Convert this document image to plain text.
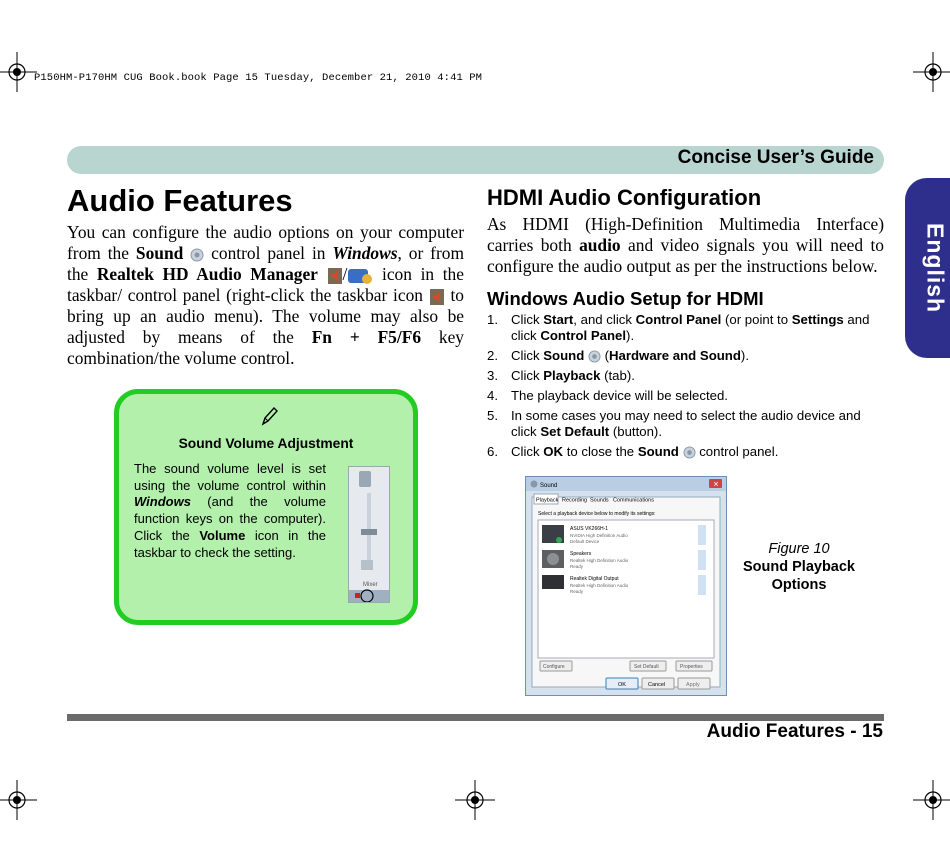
P150HM-P170HM CUG Book.book Page 15 Tuesday, December 21, 2010 4:41 PM
Concise User’s Guide
English
Audio Features
You can configure the audio options on your computer from the Sound  control panel in Windows, or from the Realtek HD Audio Manager / icon in the taskbar/ control panel (right-click the taskbar icon  to bring up an audio menu). The volume may also be adjusted by means of the Fn + F5/F6 key combination/the volume control.
Sound Volume Adjustment
The sound volume level is set using the volume control within Windows (and the volume function keys on the computer). Click the Volume icon in the taskbar to check the setting.
Mixer
HDMI Audio Configuration
As HDMI (High-Definition Multimedia Interface) carries both audio and video signals you will need to configure the audio output as per the instructions below.
Windows Audio Setup for HDMI
1. Click Start, and click Control Panel (or point to Settings and click Control Panel).
2. Click Sound  (Hardware and Sound).
3. Click Playback (tab).
4. The playback device will be selected.
5. In some cases you may need to select the audio device and click Set Default (button).
6. Click OK to close the Sound  control panel.
Sound	✕
Playback Recording Sounds Communications
Select a playback device below to modify its settings:
ASUS VK266H-1
NVIDIA High Definition Audio
Default Device
Speakers
Realtek High Definition Audio
Ready
Realtek Digital Output
Realtek High Definition Audio
Ready
Configure	Set Default	Properties
OK	Cancel	Apply
Figure 10
Sound Playback Options
Audio Features - 15
